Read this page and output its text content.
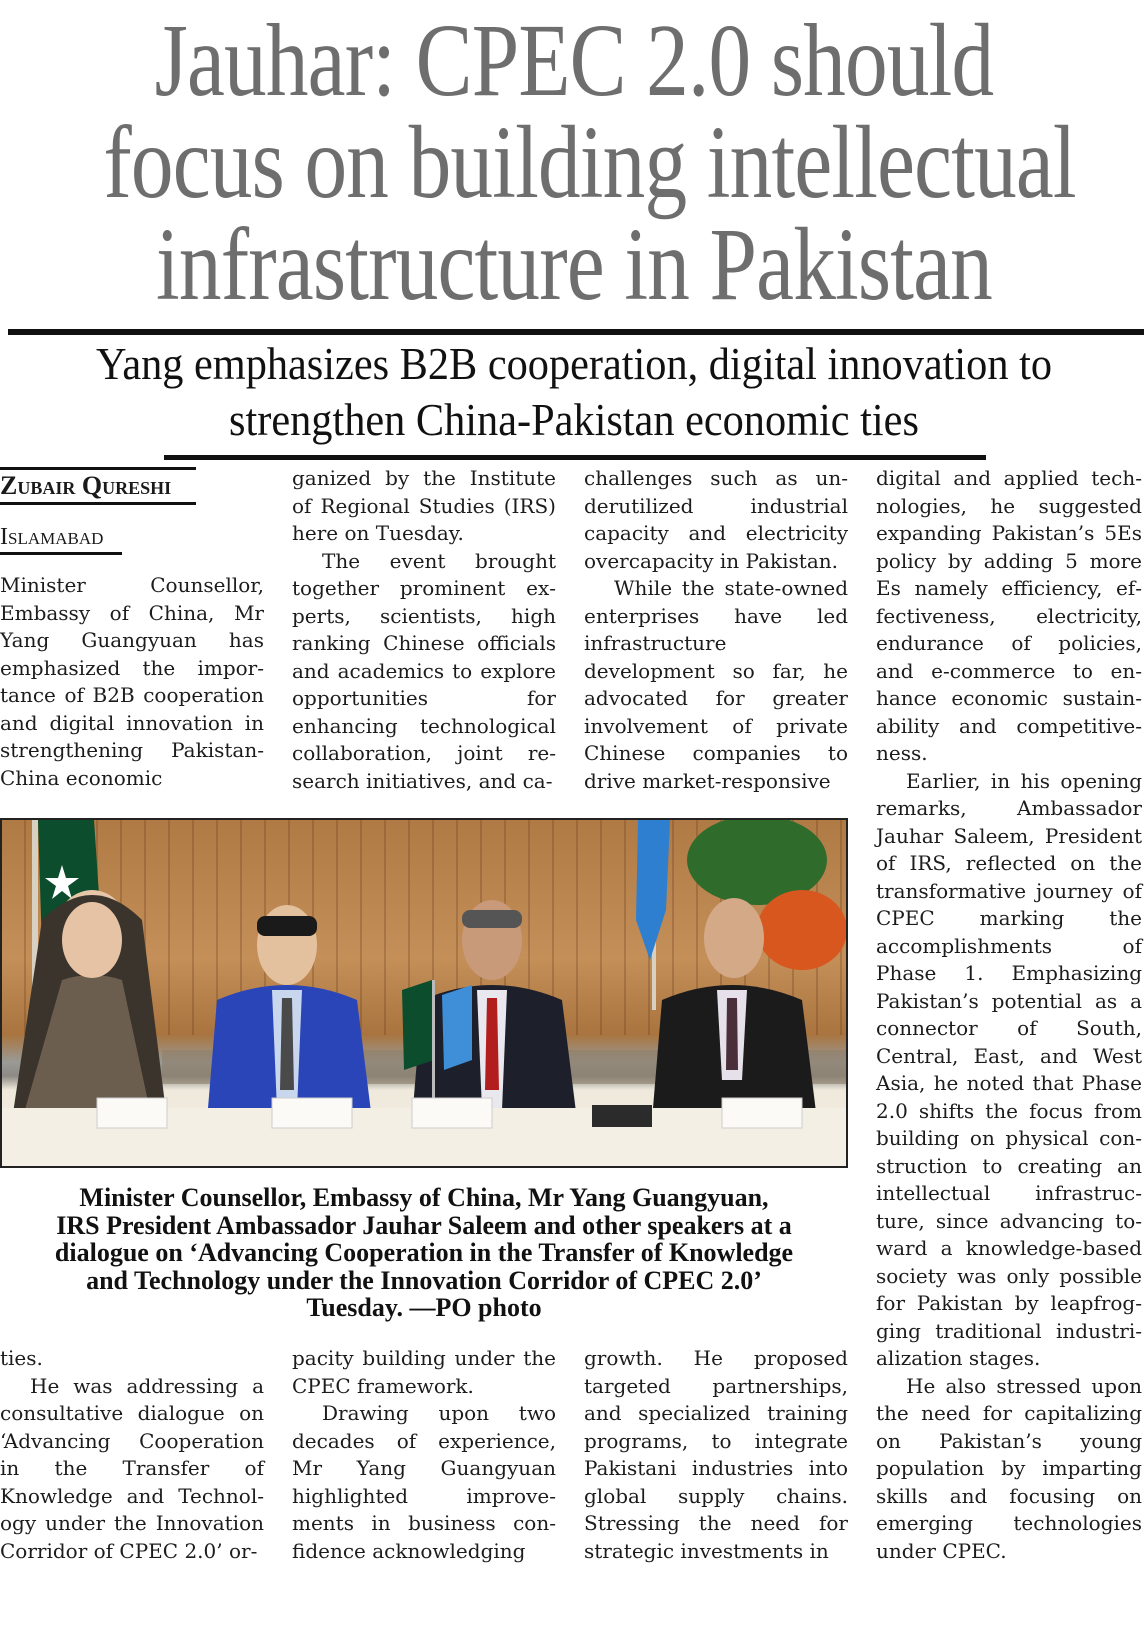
Jauhar: CPEC 2.0 should
focus on building intellectual
infrastructure in Pakistan
Yang emphasizes B2B cooperation, digital innovation to
strengthen China-Pakistan economic ties
Zubair Qureshi
Islamabad

Minister Counsellor, Embassy of China, Mr Yang Guangyuan has emphasized the importance of B2B cooperation and digital innovation in strengthening Pakistan-China economic

ganized by the Institute of Regional Studies (IRS) here on Tuesday.

The event brought together prominent experts, scientists, high ranking Chinese officials and academics to explore opportunities for enhancing technological collaboration, joint research initiatives, and ca-

challenges such as underutilized industrial capacity and electricity overcapacity in Pakistan.

While the state-owned enterprises have led infrastructure development so far, he advocated for greater involvement of private Chinese companies to drive market-responsive

digital and applied technologies, he suggested expanding Pakistan’s 5Es policy by adding 5 more Es namely efficiency, effectiveness, electricity, endurance of policies, and e-commerce to enhance economic sustainability and competitiveness.

Earlier, in his opening remarks, Ambassador Jauhar Saleem, President of IRS, reflected on the transformative journey of CPEC marking the accomplishments of Phase 1. Emphasizing Pakistan’s potential as a connector of South, Central, East, and West Asia, he noted that Phase 2.0 shifts the focus from building on physical construction to creating an intellectual infrastructure, since advancing toward a knowledge-based society was only possible for Pakistan by leapfrogging traditional industrialization stages.

He also stressed upon the need for capitalizing on Pakistan’s young population by imparting skills and focusing on emerging technologies under CPEC.

Minister Counsellor, Embassy of China, Mr Yang Guangyuan,
IRS President Ambassador Jauhar Saleem and other speakers at a
dialogue on ‘Advancing Cooperation in the Transfer of Knowledge
and Technology under the Innovation Corridor of CPEC 2.0’
Tuesday. —PO photo

ties.

He was addressing a consultative dialogue on ‘Advancing Cooperation in the Transfer of Knowledge and Technology under the Innovation Corridor of CPEC 2.0’ or-

pacity building under the CPEC framework.

Drawing upon two decades of experience, Mr Yang Guangyuan highlighted improvements in business confidence acknowledging

growth. He proposed targeted partnerships, and specialized training programs, to integrate Pakistani industries into global supply chains. Stressing the need for strategic investments in
